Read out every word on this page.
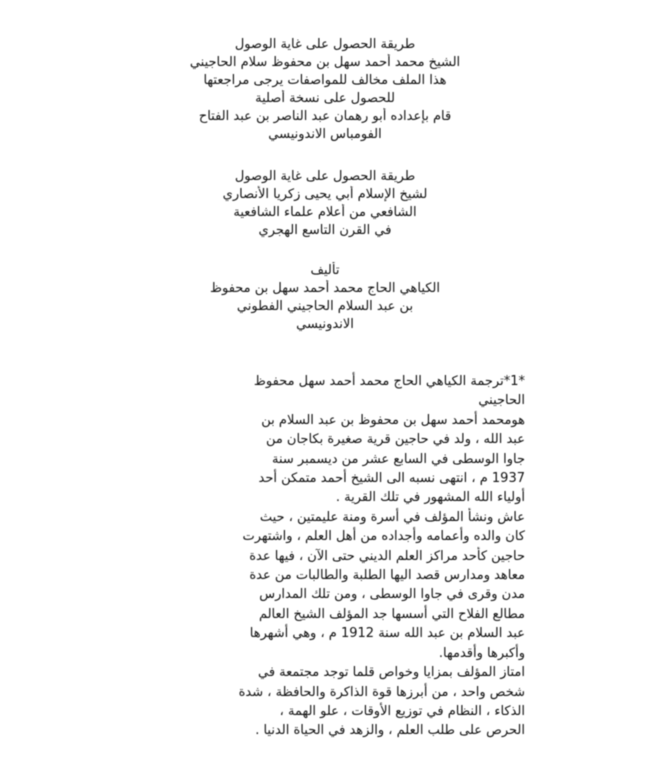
طريقة الحصول على غاية الوصول
الشيخ محمد أحمد سهل بن محفوظ سلام الحاجيني
هذا الملف مخالف للمواصفات يرجى مراجعتها
للحصول على نسخة أصلية
قام بإعداده أبو رهمان عبد الناصر بن عبد الفتاح
الفومباس الاندونيسي
طريقة الحصول على غاية الوصول
لشيخ الإسلام أبي يحيى زكريا الأنصاري
الشافعي من أعلام علماء الشافعية
في القرن التاسع الهجري
تأليف
الكياهي الحاج محمد أحمد سهل بن محفوظ
بن عبد السلام الحاجيني الفطوني
الاندونيسي
*1*ترجمة الكياهي الحاج محمد أحمد سهل محفوظ
الحاجيني
هومحمد أحمد سهل بن محفوظ بن عبد السلام بن
عبد الله ، ولد في حاجين قرية صغيرة بكاجان من
جاوا الوسطى في السابع عشر من ديسمبر سنة
1937 م ، انتهى نسبه الى الشيخ أحمد متمكن أحد
أولياء الله المشهور في تلك القرية .
عاش ونشأ المؤلف في أسرة ومنة عليمتين ، حيث
كان والده وأعمامه وأجداده من أهل العلم ، واشتهرت
حاجين كأحد مراكز العلم الديني حتى الآن ، فيها عدة
معاهد ومدارس قصد اليها الطلبة والطالبات من عدة
مدن وقرى في جاوا الوسطى ، ومن تلك المدارس
مطالع الفلاح التي أسسها جد المؤلف الشيخ العالم
عبد السلام بن عبد الله سنة 1912 م ، وهي أشهرها
وأكبرها وأقدمها.
امتاز المؤلف بمزايا وخواص قلما توجد مجتمعة في
شخص واحد ، من أبرزها قوة الذاكرة والحافظة ، شدة
الذكاء ، النظام في توزيع الأوقات ، علو الهمة ،
الحرص على طلب العلم ، والزهد في الحياة الدنيا .
